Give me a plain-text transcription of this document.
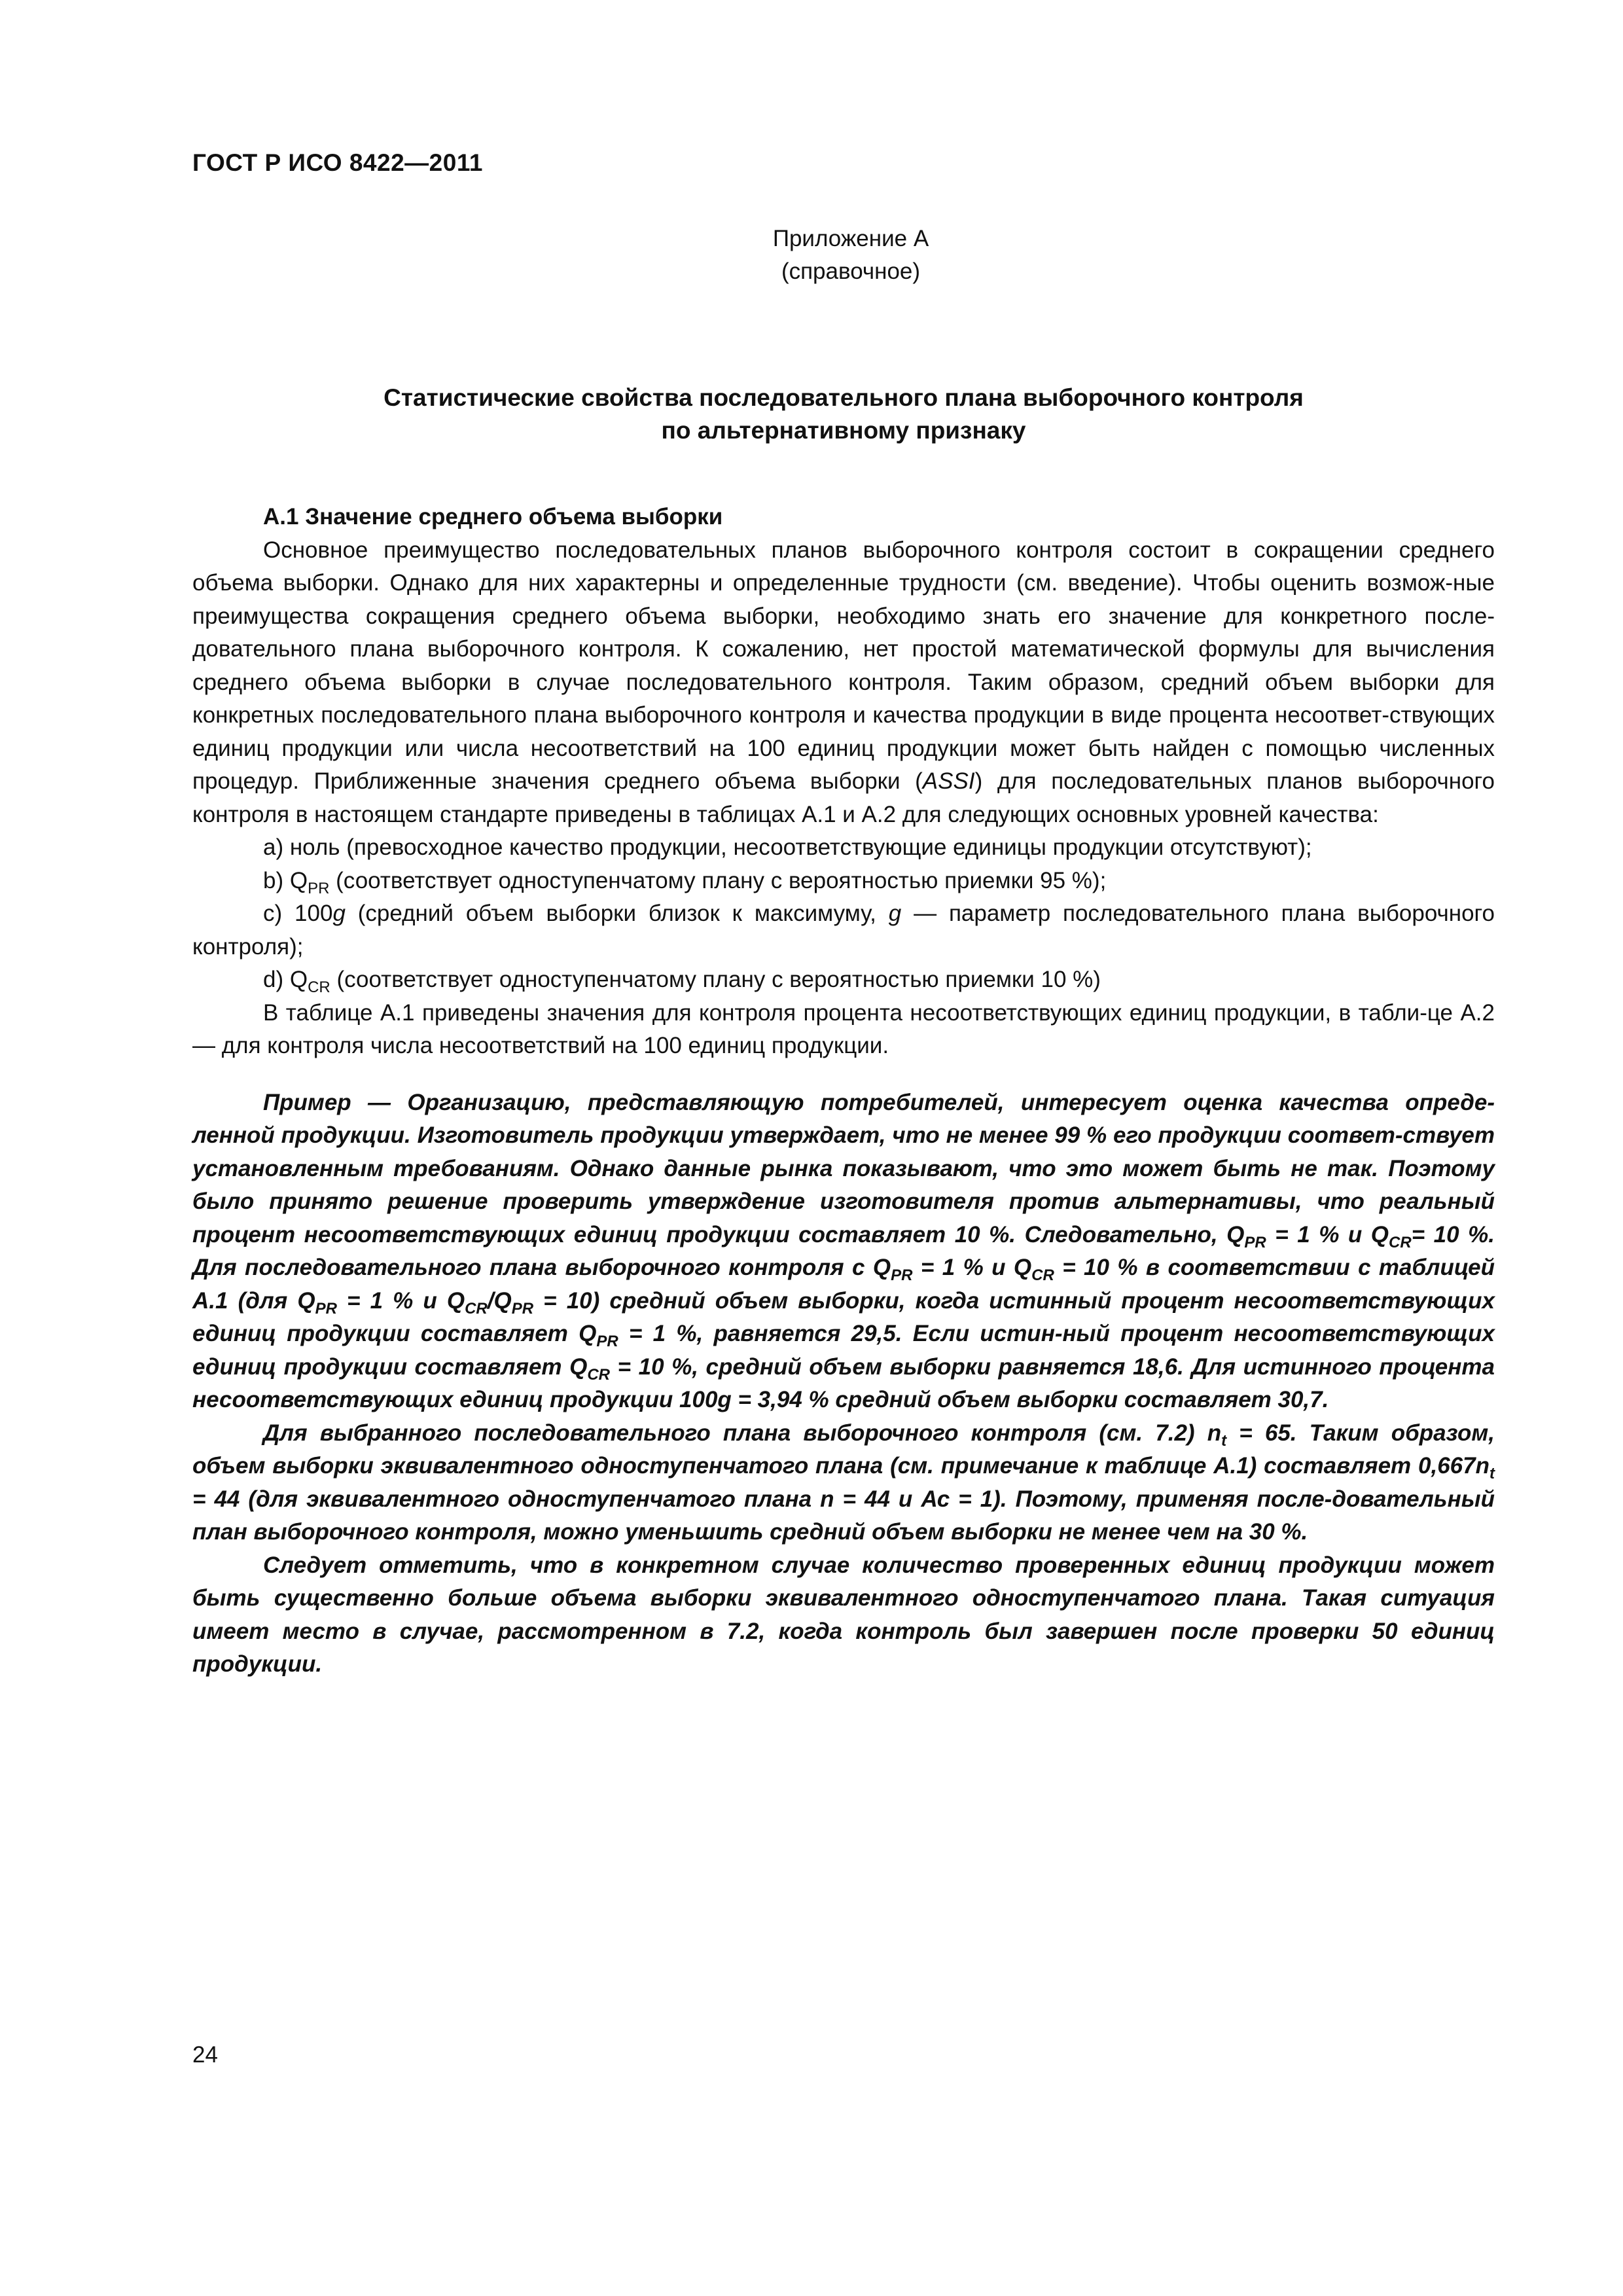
ГОСТ Р ИСО 8422—2011
Приложение А
(справочное)
Статистические свойства последовательного плана выборочного контроля
по альтернативному признаку
А.1 Значение среднего объема выборки

Основное преимущество последовательных планов выборочного контроля состоит в сокращении среднего объема выборки. Однако для них характерны и определенные трудности (см. введение). Чтобы оценить возмож-ные преимущества сокращения среднего объема выборки, необходимо знать его значение для конкретного после-довательного плана выборочного контроля. К сожалению, нет простой математической формулы для вычисления среднего объема выборки в случае последовательного контроля. Таким образом, средний объем выборки для конкретных последовательного плана выборочного контроля и качества продукции в виде процента несоответ-ствующих единиц продукции или числа несоответствий на 100 единиц продукции может быть найден с помощью численных процедур. Приближенные значения среднего объема выборки (ASSI) для последовательных планов выборочного контроля в настоящем стандарте приведены в таблицах А.1 и А.2 для следующих основных уровней качества:

a) ноль (превосходное качество продукции, несоответствующие единицы продукции отсутствуют);

b) $Q_{PR}$ (соответствует одноступенчатому плану с вероятностью приемки 95 %);

c) 100g (средний объем выборки близок к максимуму, g — параметр последовательного плана выборочного контроля);

d) $Q_{CR}$ (соответствует одноступенчатому плану с вероятностью приемки 10 %)

В таблице А.1 приведены значения для контроля процента несоответствующих единиц продукции, в табли-це А.2 — для контроля числа несоответствий на 100 единиц продукции.

Пример — Организацию, представляющую потребителей, интересует оценка качества опреде-ленной продукции. Изготовитель продукции утверждает, что не менее 99 % его продукции соответ-ствует установленным требованиям. Однако данные рынка показывают, что это может быть не так. Поэтому было принято решение проверить утверждение изготовителя против альтернативы, что реальный процент несоответствующих единиц продукции составляет 10 %. Следовательно, $Q_{PR} = 1$ % и $Q_{CR}= 10$ %. Для последовательного плана выборочного контроля с $Q_{PR} = 1$ % и $Q_{CR} = 10$ % в соответствии с таблицей А.1 (для $Q_{PR} = 1$ % и $Q_{CR}/Q_{PR} = 10$) средний объем выборки, когда истинный процент несоответствующих единиц продукции составляет $Q_{PR} = 1$ %, равняется 29,5. Если истин-ный процент несоответствующих единиц продукции составляет $Q_{CR} = 10$ %, средний объем выборки равняется 18,6. Для истинного процента несоответствующих единиц продукции 100g = 3,94 % средний объем выборки составляет 30,7.

Для выбранного последовательного плана выборочного контроля (см. 7.2) $n_t = 65$. Таким образом, объем выборки эквивалентного одноступенчатого плана (см. примечание к таблице А.1) составляет $0,667n_t = 44$ (для эквивалентного одноступенчатого плана n = 44 и Ас = 1). Поэтому, применяя после-довательный план выборочного контроля, можно уменьшить средний объем выборки не менее чем на 30 %.

Следует отметить, что в конкретном случае количество проверенных единиц продукции может быть существенно больше объема выборки эквивалентного одноступенчатого плана. Такая ситуация имеет место в случае, рассмотренном в 7.2, когда контроль был завершен после проверки 50 единиц продукции.

24
